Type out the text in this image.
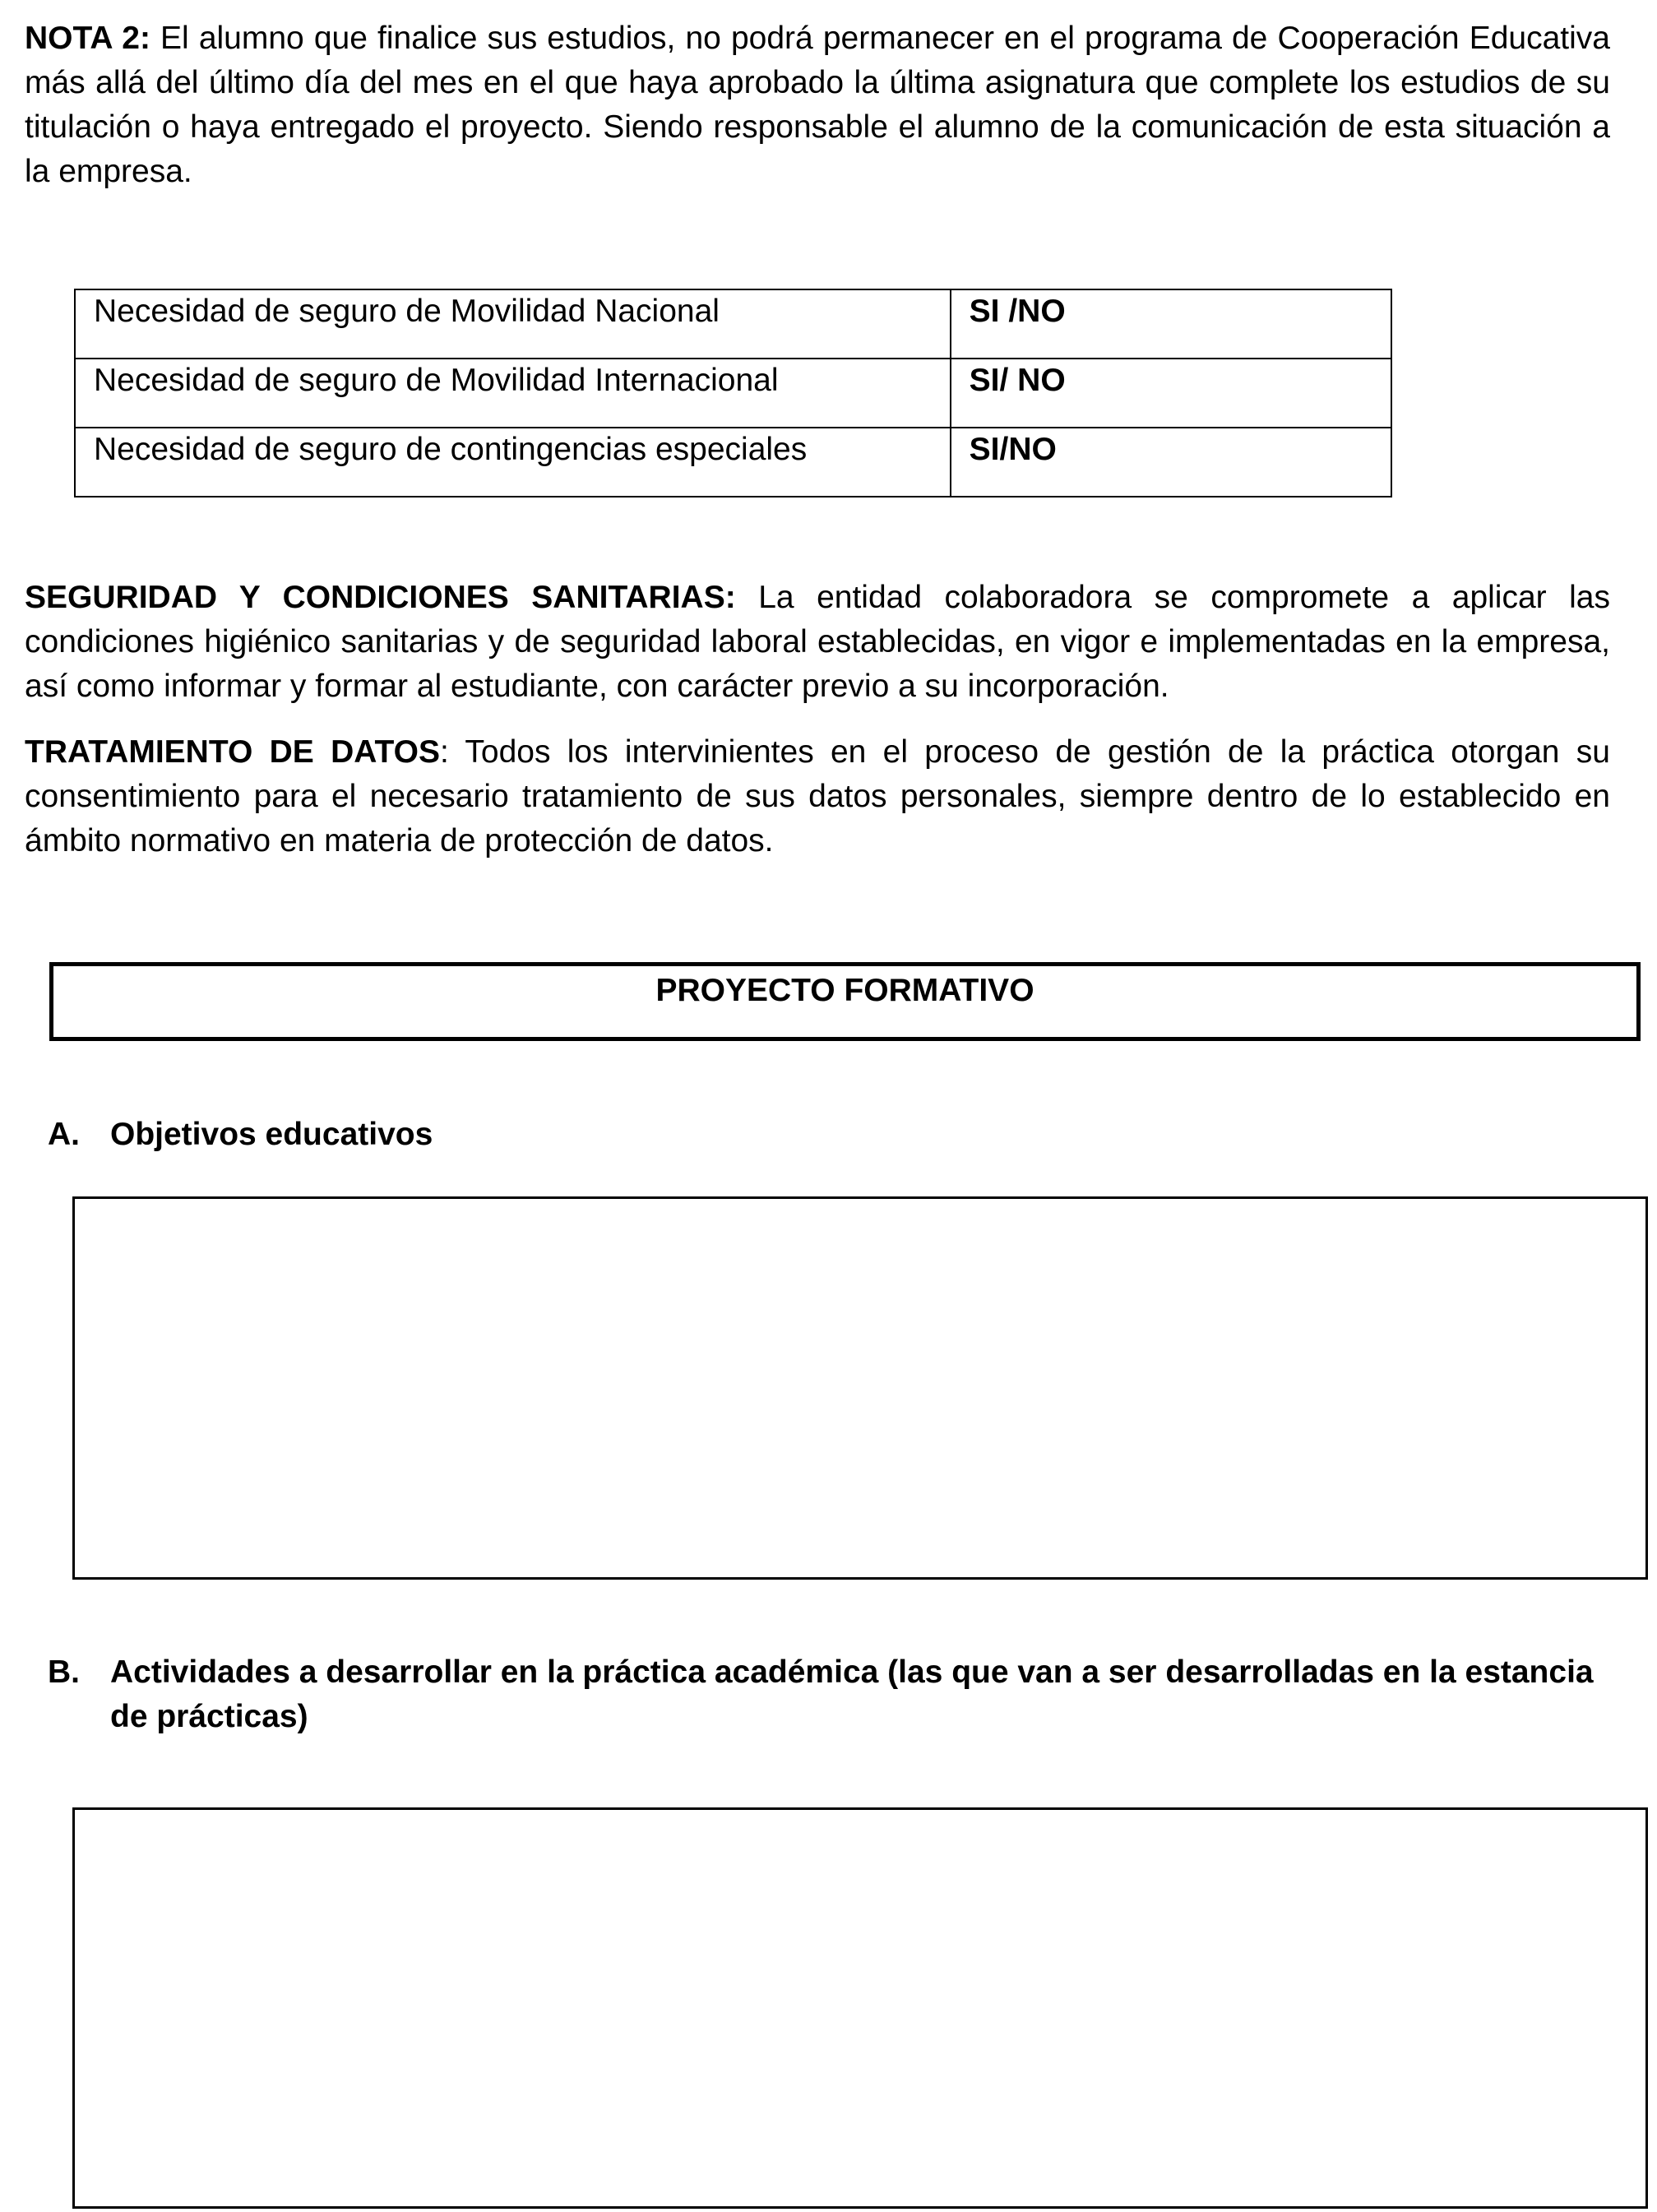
NOTA 2: El alumno que finalice sus estudios, no podrá permanecer en el programa de Cooperación Educativa más allá del último día del mes en el que haya aprobado la última asignatura que complete los estudios de su titulación o haya entregado el proyecto. Siendo responsable el alumno de la comunicación de esta situación a la empresa.

Necesidad de seguro de Movilidad Nacional	SI /NO
Necesidad de seguro de Movilidad Internacional	SI/ NO
Necesidad de seguro de contingencias especiales	SI/NO

SEGURIDAD Y CONDICIONES SANITARIAS: La entidad colaboradora se compromete a aplicar las condiciones higiénico sanitarias y de seguridad laboral establecidas, en vigor e implementadas en la empresa, así como informar y formar al estudiante, con carácter previo a su incorporación.

TRATAMIENTO DE DATOS: Todos los intervinientes en el proceso de gestión de la práctica otorgan su consentimiento para el necesario tratamiento de sus datos personales, siempre dentro de lo establecido en ámbito normativo en materia de protección de datos.

PROYECTO FORMATIVO
A. Objetivos educativos
B. Actividades a desarrollar en la práctica académica (las que van a ser desarrolladas en la estancia de prácticas)
